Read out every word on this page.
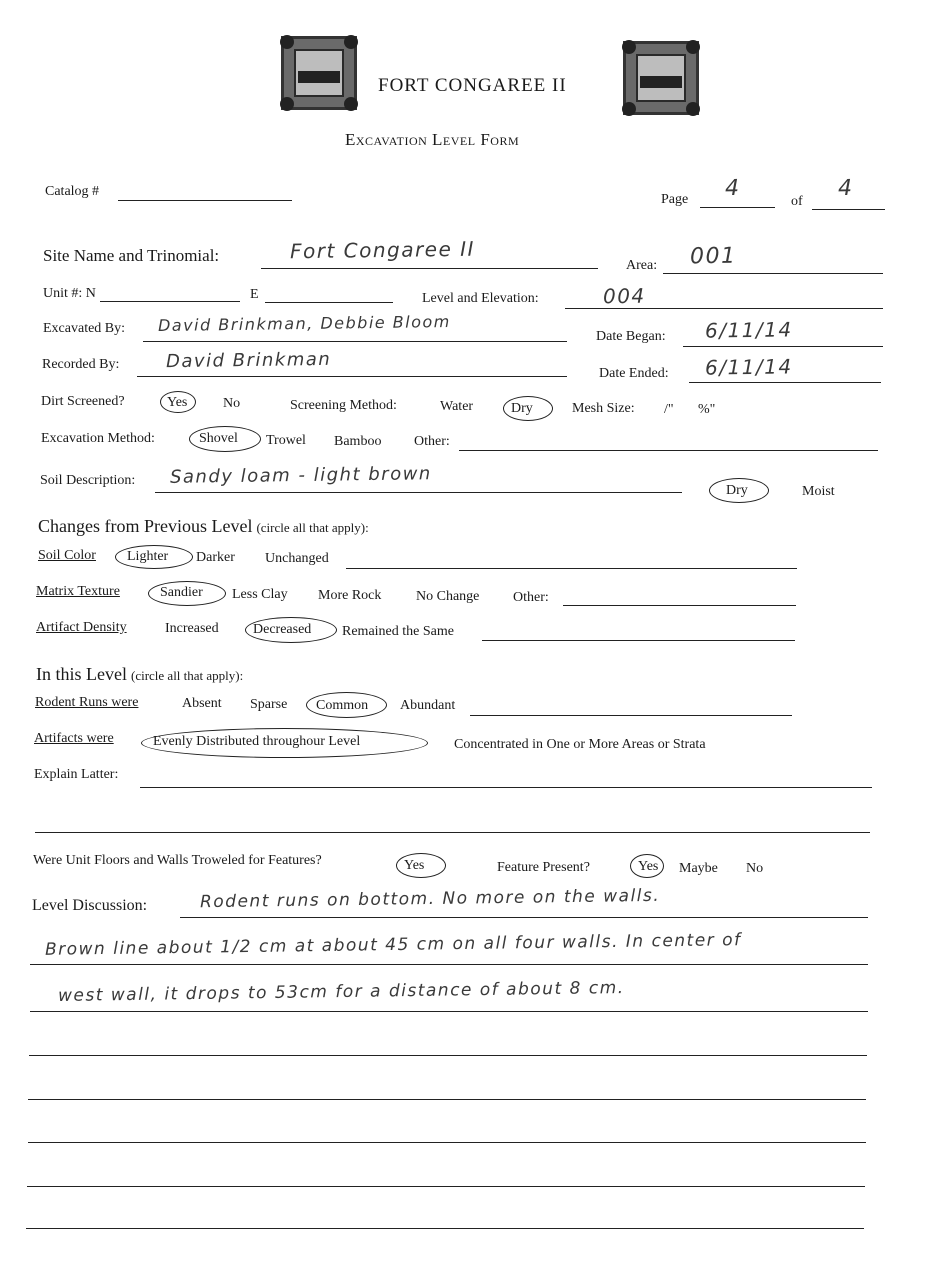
FORT CONGAREE II
Excavation Level Form
Catalog #
Page 4
of
4
Site Name and Trinomial:	Fort Congaree II
Area: 001
Unit #: N	E	Level and Elevation:	004
Excavated By: David Brinkman, Debbie Bloom
Date Began: 6/11/14
Recorded By:	David Brinkman
Date Ended: 6/11/14
Dirt Screened?	Yes	No	Screening Method:	Water	Dry	Mesh Size: /" %"
Excavation Method:	Shovel Trowel Bamboo Other:
Soil Description: Sandy loam - light brown
Dry	Moist
Changes from Previous Level (circle all that apply):
Soil Color Lighter Darker Unchanged
Matrix Texture	Sandier Less Clay More Rock No Change Other:
Artifact Density	Increased Decreased Remained the Same
In this Level (circle all that apply):
Rodent Runs were	Absent Sparse Common Abundant
Artifacts were	Evenly Distributed throughour Level	Concentrated in One or More Areas or Strata
Explain Latter:
Were Unit Floors and Walls Troweled for Features?	Yes	Feature Present?	Yes Maybe No
Level Discussion:	Rodent runs on bottom. No more on the walls.
Brown line about 1/2 cm at about 45 cm on all four walls. In center of
west wall, it drops to 53cm for a distance of about 8 cm.
